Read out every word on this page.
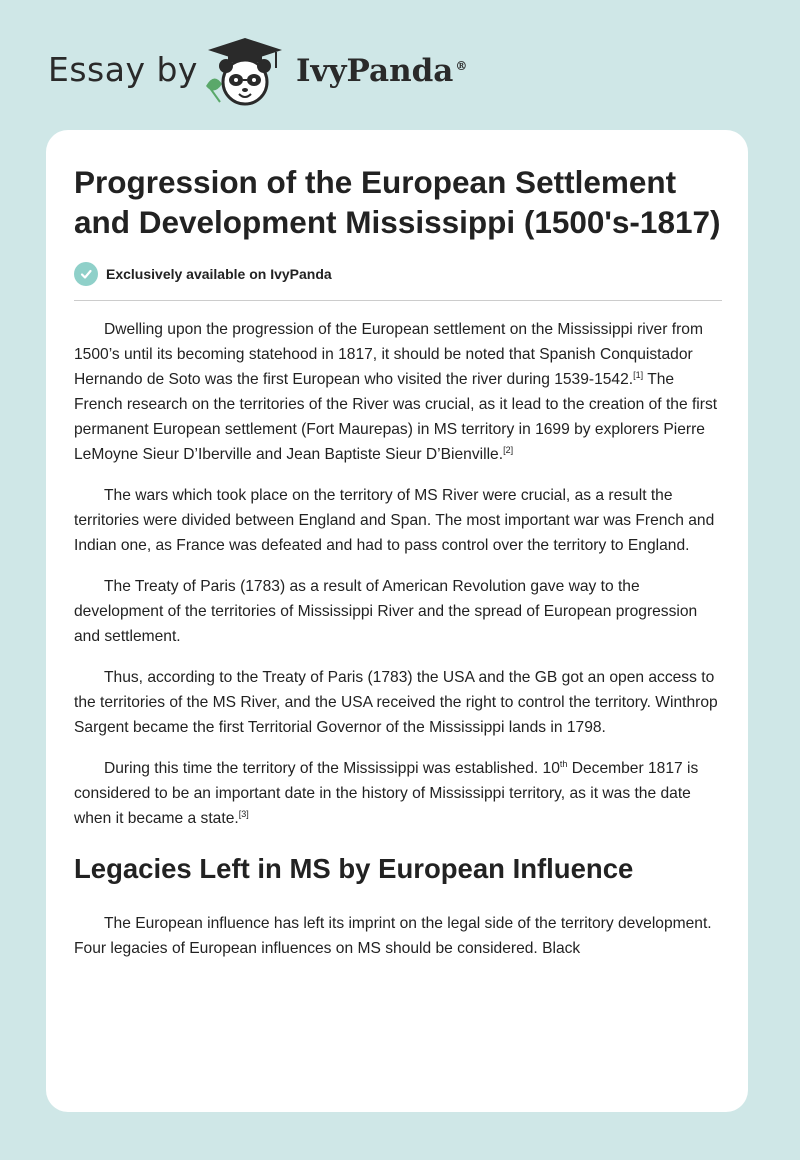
Essay by	IvyPanda ®
Progression of the European Settlement and Development Mississippi (1500's-1817)
Exclusively available on IvyPanda

Dwelling upon the progression of the European settlement on the Mississippi river from 1500’s until its becoming statehood in 1817, it should be noted that Spanish Conquistador Hernando de Soto was the first European who visited the river during 1539-1542.[1] The French research on the territories of the River was crucial, as it lead to the creation of the first permanent European settlement (Fort Maurepas) in MS territory in 1699 by explorers Pierre LeMoyne Sieur D’Iberville and Jean Baptiste Sieur D’Bienville.[2]

The wars which took place on the territory of MS River were crucial, as a result the territories were divided between England and Span. The most important war was French and Indian one, as France was defeated and had to pass control over the territory to England.

The Treaty of Paris (1783) as a result of American Revolution gave way to the development of the territories of Mississippi River and the spread of European progression and settlement.

Thus, according to the Treaty of Paris (1783) the USA and the GB got an open access to the territories of the MS River, and the USA received the right to control the territory. Winthrop Sargent became the first Territorial Governor of the Mississippi lands in 1798.

During this time the territory of the Mississippi was established. 10th December 1817 is considered to be an important date in the history of Mississippi territory, as it was the date when it became a state.[3]

Legacies Left in MS by European Influence

The European influence has left its imprint on the legal side of the territory development. Four legacies of European influences on MS should be considered. Black
